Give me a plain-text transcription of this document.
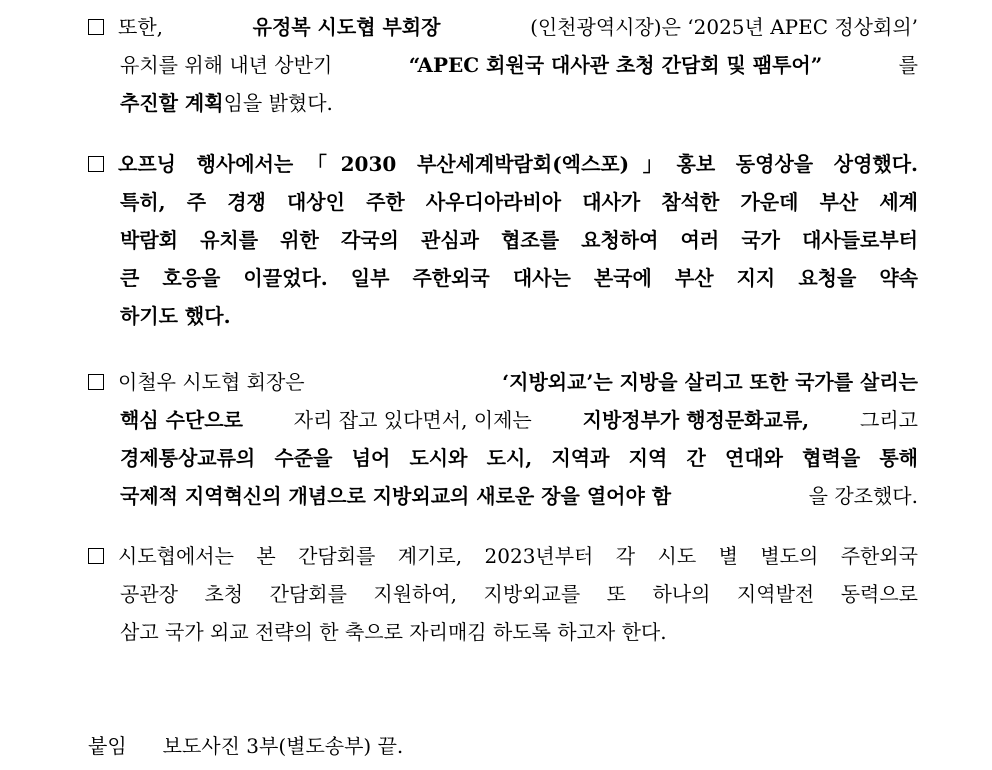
또한,	유정복 시도협 부회장	(인천광역시장)은 ‘2025년 APEC 정상회의’
유치를 위해 내년 상반기	“APEC 회원국 대사관 초청 간담회 및 팸투어”	를
추진할 계획 임을 밝혔다.
오프닝 행사에서는「2030 부산세계박람회(엑스포)」홍보 동영상을 상영했다.
특히, 주 경쟁 대상인 주한 사우디아라비아 대사가 참석한 가운데 부산 세계
박람회 유치를 위한 각국의 관심과 협조를 요청하여 여러 국가 대사들로부터
큰 호응을 이끌었다. 일부 주한외국 대사는 본국에 부산 지지 요청을 약속
하기도 했다.
이철우 시도협 회장은	‘지방외교’는 지방을 살리고 또한 국가를 살리는
핵심 수단으로	자리 잡고 있다면서, 이제는	지방정부가 행정문화교류,	그리고
경제통상교류의 수준을 넘어 도시와 도시, 지역과 지역 간 연대와 협력을 통해
국제적 지역혁신의 개념으로 지방외교의 새로운 장을 열어야 함	을 강조했다.
시도협에서는 본 간담회를 계기로, 2023년부터 각 시도 별 별도의 주한외국
공관장 초청 간담회를 지원하여, 지방외교를 또 하나의 지역발전 동력으로
삼고 국가 외교 전략의 한 축으로 자리매김 하도록 하고자 한다.
붙임 보도사진 3부(별도송부) 끝.
